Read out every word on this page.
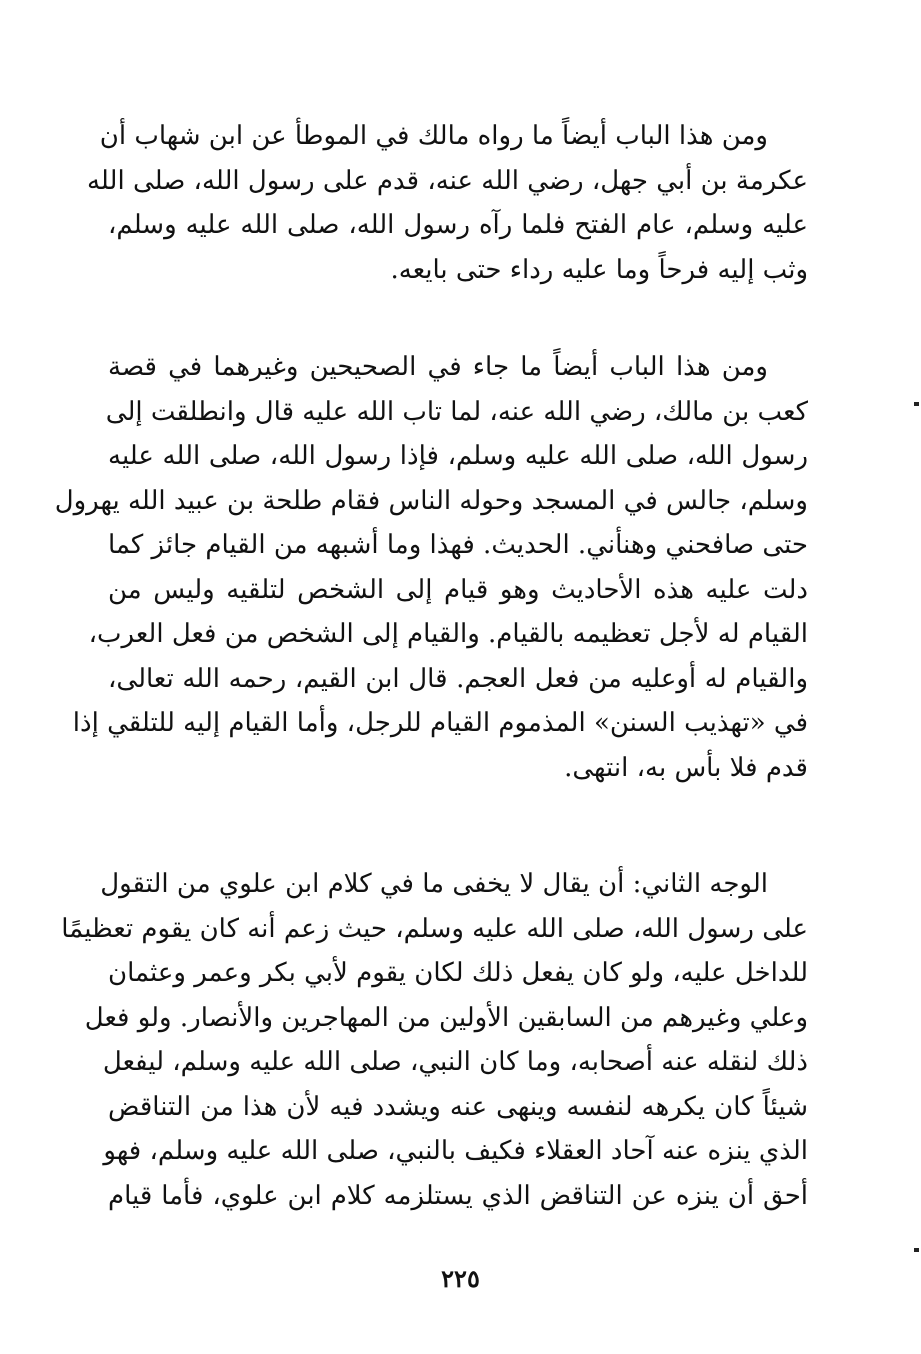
ومن هذا الباب أيضاً ما رواه مالك في الموطأ عن ابن شهاب أن
عكرمة بن أبي جهل، رضي الله عنه، قدم على رسول الله، صلى الله
عليه وسلم، عام الفتح فلما رآه رسول الله، صلى الله عليه وسلم،
وثب إليه فرحاً وما عليه رداء حتى بايعه.
ومن هذا الباب أيضاً ما جاء في الصحيحين وغيرهما في قصة
كعب بن مالك، رضي الله عنه، لما تاب الله عليه قال وانطلقت إلى
رسول الله، صلى الله عليه وسلم، فإذا رسول الله، صلى الله عليه
وسلم، جالس في المسجد وحوله الناس فقام طلحة بن عبيد الله يهرول
حتى صافحني وهنأني. الحديث. فهذا وما أشبهه من القيام جائز كما
دلت عليه هذه الأحاديث وهو قيام إلى الشخص لتلقيه وليس من
القيام له لأجل تعظيمه بالقيام. والقيام إلى الشخص من فعل العرب،
والقيام له أوعليه من فعل العجم. قال ابن القيم، رحمه الله تعالى،
في «تهذيب السنن» المذموم القيام للرجل، وأما القيام إليه للتلقي إذا
قدم فلا بأس به، انتهى.
الوجه الثاني: أن يقال لا يخفى ما في كلام ابن علوي من التقول
على رسول الله، صلى الله عليه وسلم، حيث زعم أنه كان يقوم تعظيمًا
للداخل عليه، ولو كان يفعل ذلك لكان يقوم لأبي بكر وعمر وعثمان
وعلي وغيرهم من السابقين الأولين من المهاجرين والأنصار. ولو فعل
ذلك لنقله عنه أصحابه، وما كان النبي، صلى الله عليه وسلم، ليفعل
شيئاً كان يكرهه لنفسه وينهى عنه ويشدد فيه لأن هذا من التناقض
الذي ينزه عنه آحاد العقلاء فكيف بالنبي، صلى الله عليه وسلم، فهو
أحق أن ينزه عن التناقض الذي يستلزمه كلام ابن علوي، فأما قيام
٢٢٥
